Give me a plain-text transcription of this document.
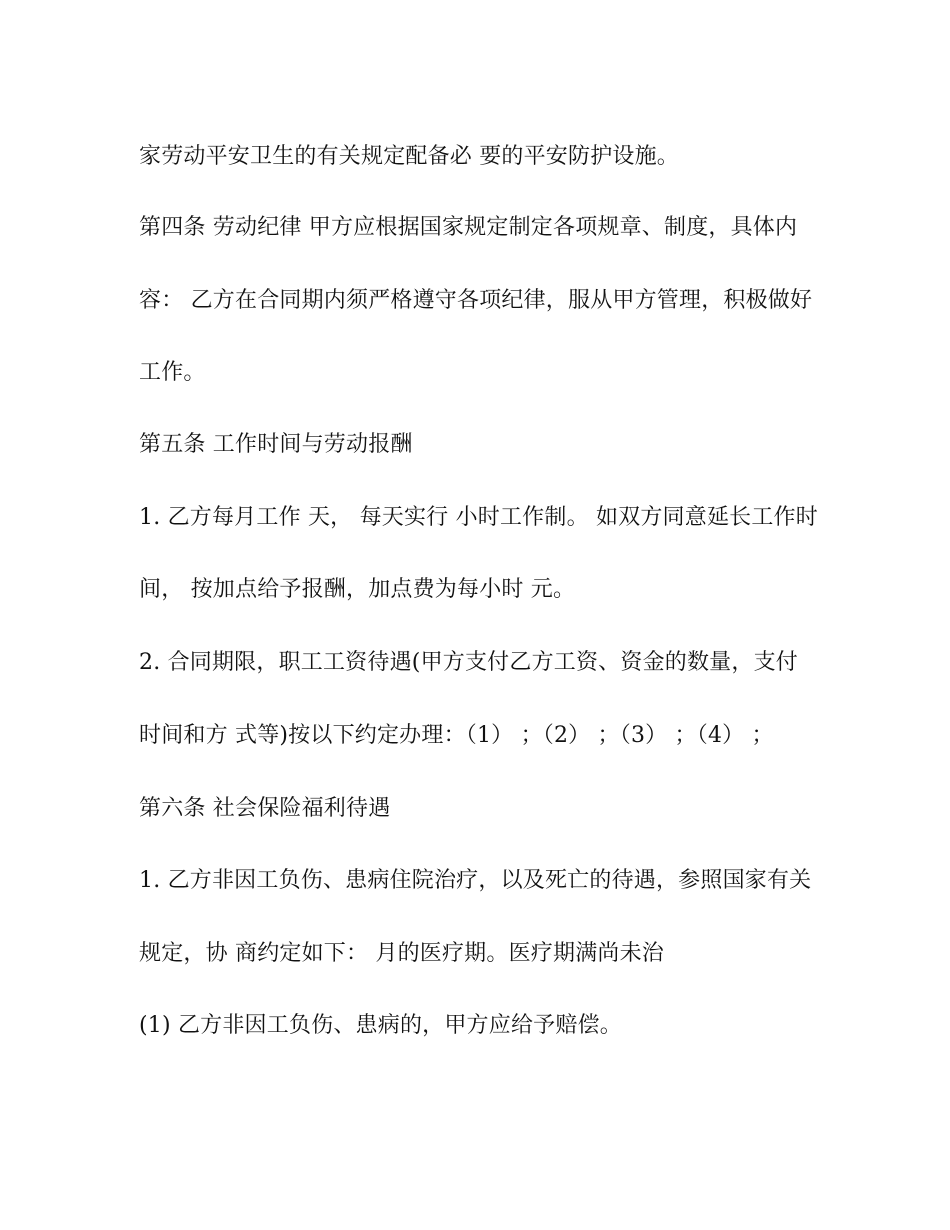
家劳动平安卫生的有关规定配备必 要的平安防护设施。
第四条 劳动纪律 甲方应根据国家规定制定各项规章、制度，具体内
容： 乙方在合同期内须严格遵守各项纪律，服从甲方管理，积极做好
工作。
第五条 工作时间与劳动报酬
1. 乙方每月工作 天， 每天实行 小时工作制。 如双方同意延长工作时
间， 按加点给予报酬，加点费为每小时 元。
2. 合同期限，职工工资待遇(甲方支付乙方工资、资金的数量，支付
时间和方 式等)按以下约定办理：（1） ；（2） ；（3） ；（4） ；
第六条 社会保险福利待遇
1. 乙方非因工负伤、患病住院治疗，以及死亡的待遇，参照国家有关
规定，协 商约定如下： 月的医疗期。医疗期满尚未治
(1) 乙方非因工负伤、患病的，甲方应给予赔偿。
